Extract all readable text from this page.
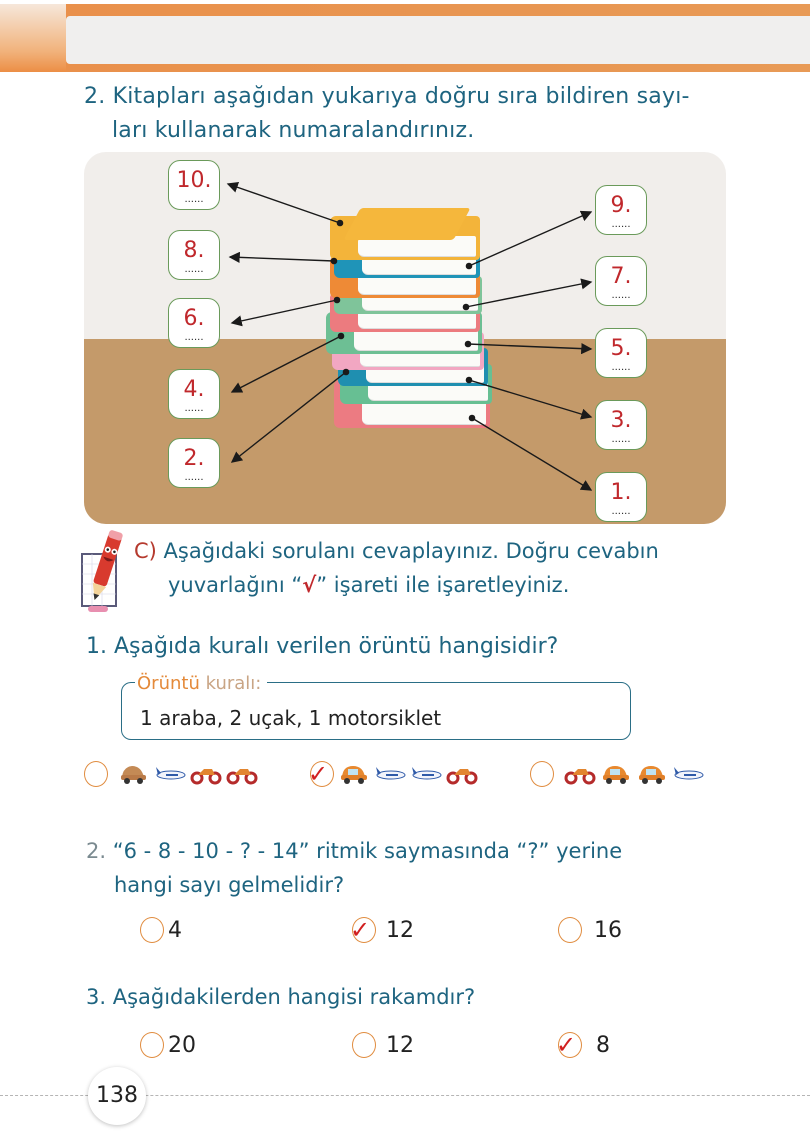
2. Kitapları aşağıdan yukarıya doğru sıra bildiren sayı-
ları kullanarak numaralandırınız.
10.
......
8.
......
6.
......
4.
......
2.
......
9.
......
7.
......
5.
......
3.
......
1.
......
C) Aşağıdaki sorulanı cevaplayınız. Doğru cevabın
yuvarlağını “√” işareti ile işaretleyiniz.
1. Aşağıda kuralı verilen örüntü hangisidir?
Örüntü kuralı:
1 araba, 2 uçak, 1 motorsiklet
✓
2. “6 - 8 - 10 - ? - 14” ritmik saymasında “?” yerine
hangi sayı gelmelidir?
4	✓ 12	16
3. Aşağıdakilerden hangisi rakamdır?
20	12	✓ 8
138
